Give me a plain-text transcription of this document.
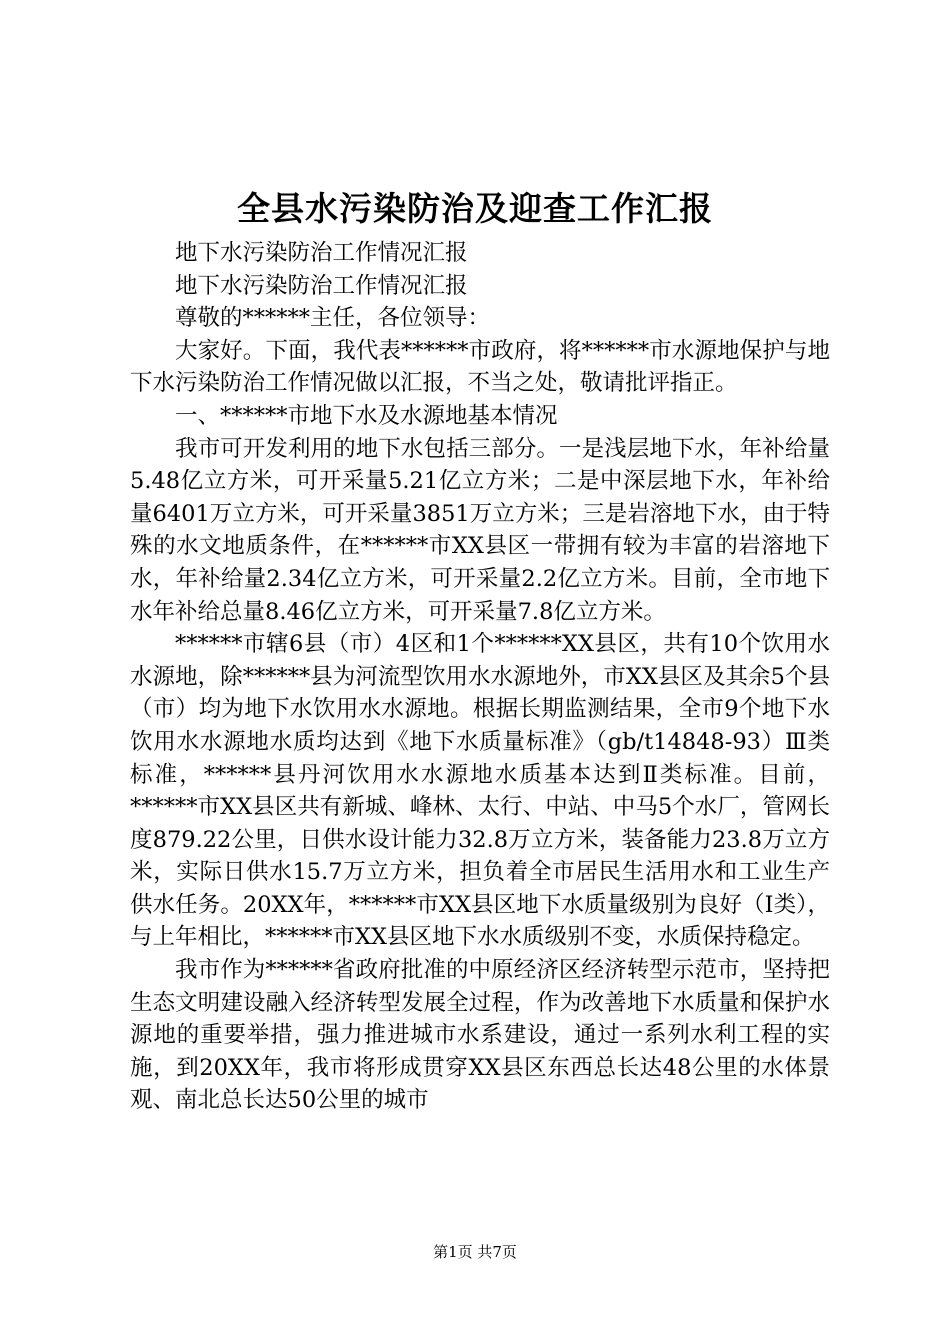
全县水污染防治及迎查工作汇报

地下水污染防治工作情况汇报

地下水污染防治工作情况汇报

尊敬的******主任，各位领导：

大家好。下面，我代表******市政府，将******市水源地保护与地下水污染防治工作情况做以汇报，不当之处，敬请批评指正。

一、******市地下水及水源地基本情况

我市可开发利用的地下水包括三部分。一是浅层地下水，年补给量5.48亿立方米，可开采量5.21亿立方米；二是中深层地下水，年补给量6401万立方米，可开采量3851万立方米；三是岩溶地下水，由于特殊的水文地质条件，在******市XX县区一带拥有较为丰富的岩溶地下水，年补给量2.34亿立方米，可开采量2.2亿立方米。目前，全市地下水年补给总量8.46亿立方米，可开采量7.8亿立方米。

******市辖6县（市）4区和1个******XX县区，共有10个饮用水水源地，除******县为河流型饮用水水源地外，市XX县区及其余5个县（市）均为地下水饮用水水源地。根据长期监测结果，全市9个地下水饮用水水源地水质均达到《地下水质量标准》（gb/t14848-93）Ⅲ类标准，******县丹河饮用水水源地水质基本达到Ⅱ类标准。目前，******市XX县区共有新城、峰林、太行、中站、中马5个水厂，管网长度879.22公里，日供水设计能力32.8万立方米，装备能力23.8万立方米，实际日供水15.7万立方米，担负着全市居民生活用水和工业生产供水任务。20XX年，******市XX县区地下水质量级别为良好（Ⅰ类），与上年相比，******市XX县区地下水水质级别不变，水质保持稳定。

我市作为******省政府批准的中原经济区经济转型示范市，坚持把生态文明建设融入经济转型发展全过程，作为改善地下水质量和保护水源地的重要举措，强力推进城市水系建设，通过一系列水利工程的实施，到20XX年，我市将形成贯穿XX县区东西总长达48公里的水体景观、南北总长达50公里的城市

第1页 共7页
